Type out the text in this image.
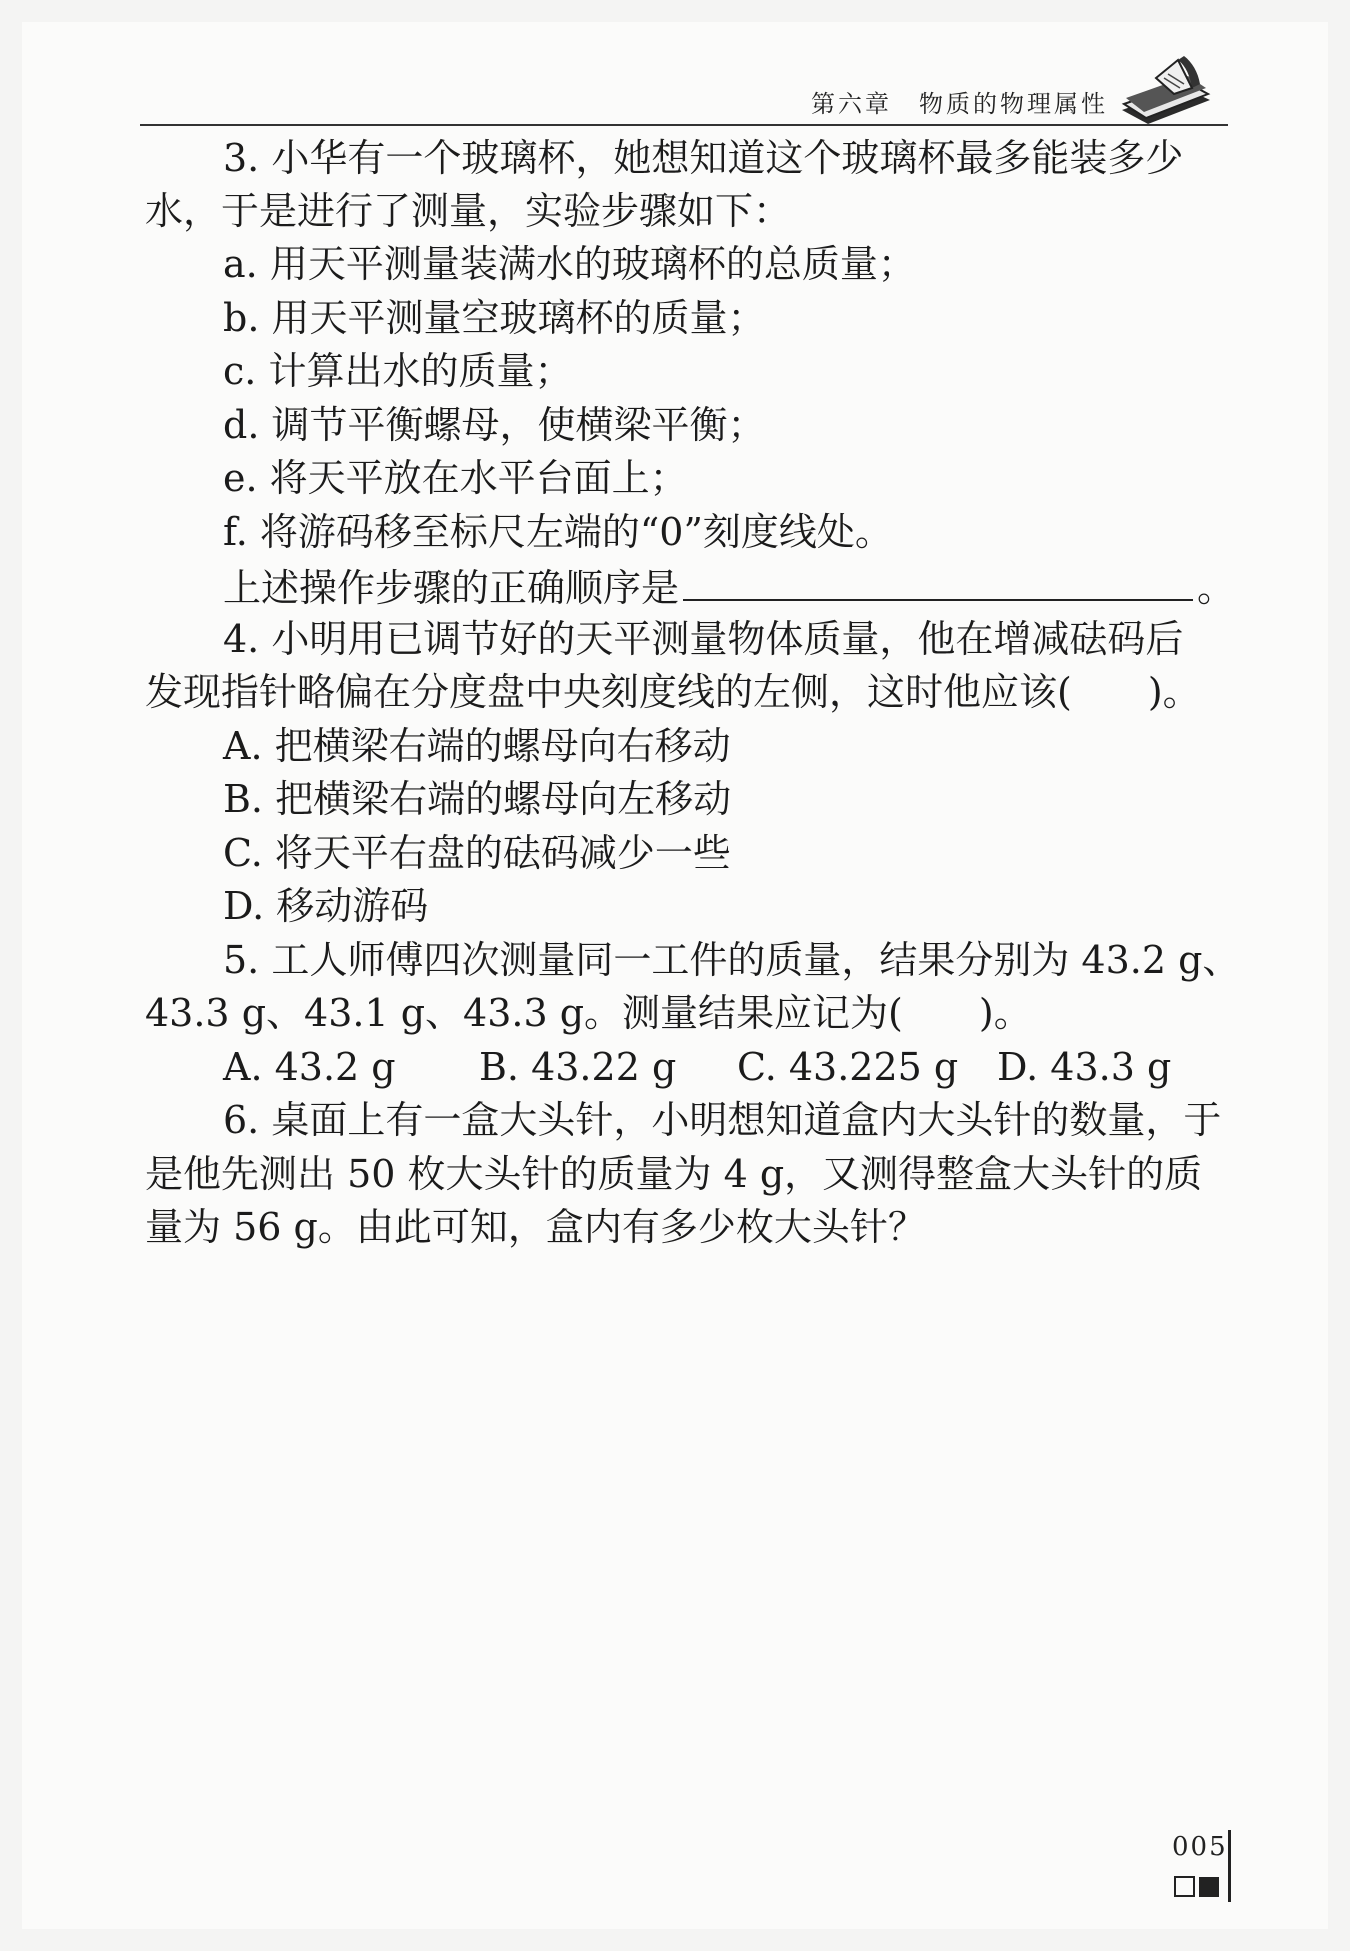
第六章　物质的物理属性
3. 小华有一个玻璃杯，她想知道这个玻璃杯最多能装多少
水，于是进行了测量，实验步骤如下：
a. 用天平测量装满水的玻璃杯的总质量；
b. 用天平测量空玻璃杯的质量；
c. 计算出水的质量；
d. 调节平衡螺母，使横梁平衡；
e. 将天平放在水平台面上；
f. 将游码移至标尺左端的“0”刻度线处。
上述操作步骤的正确顺序是	。
4. 小明用已调节好的天平测量物体质量，他在增减砝码后
发现指针略偏在分度盘中央刻度线的左侧，这时他应该(　　)。
A. 把横梁右端的螺母向右移动
B. 把横梁右端的螺母向左移动
C. 将天平右盘的砝码减少一些
D. 移动游码
5. 工人师傅四次测量同一工件的质量，结果分别为 43.2 g、
43.3 g、43.1 g、43.3 g。测量结果应记为(　　)。
A. 43.2 g B. 43.22 g C. 43.225 g D. 43.3 g
6. 桌面上有一盒大头针，小明想知道盒内大头针的数量，于
是他先测出 50 枚大头针的质量为 4 g，又测得整盒大头针的质
量为 56 g。由此可知，盒内有多少枚大头针？
005
